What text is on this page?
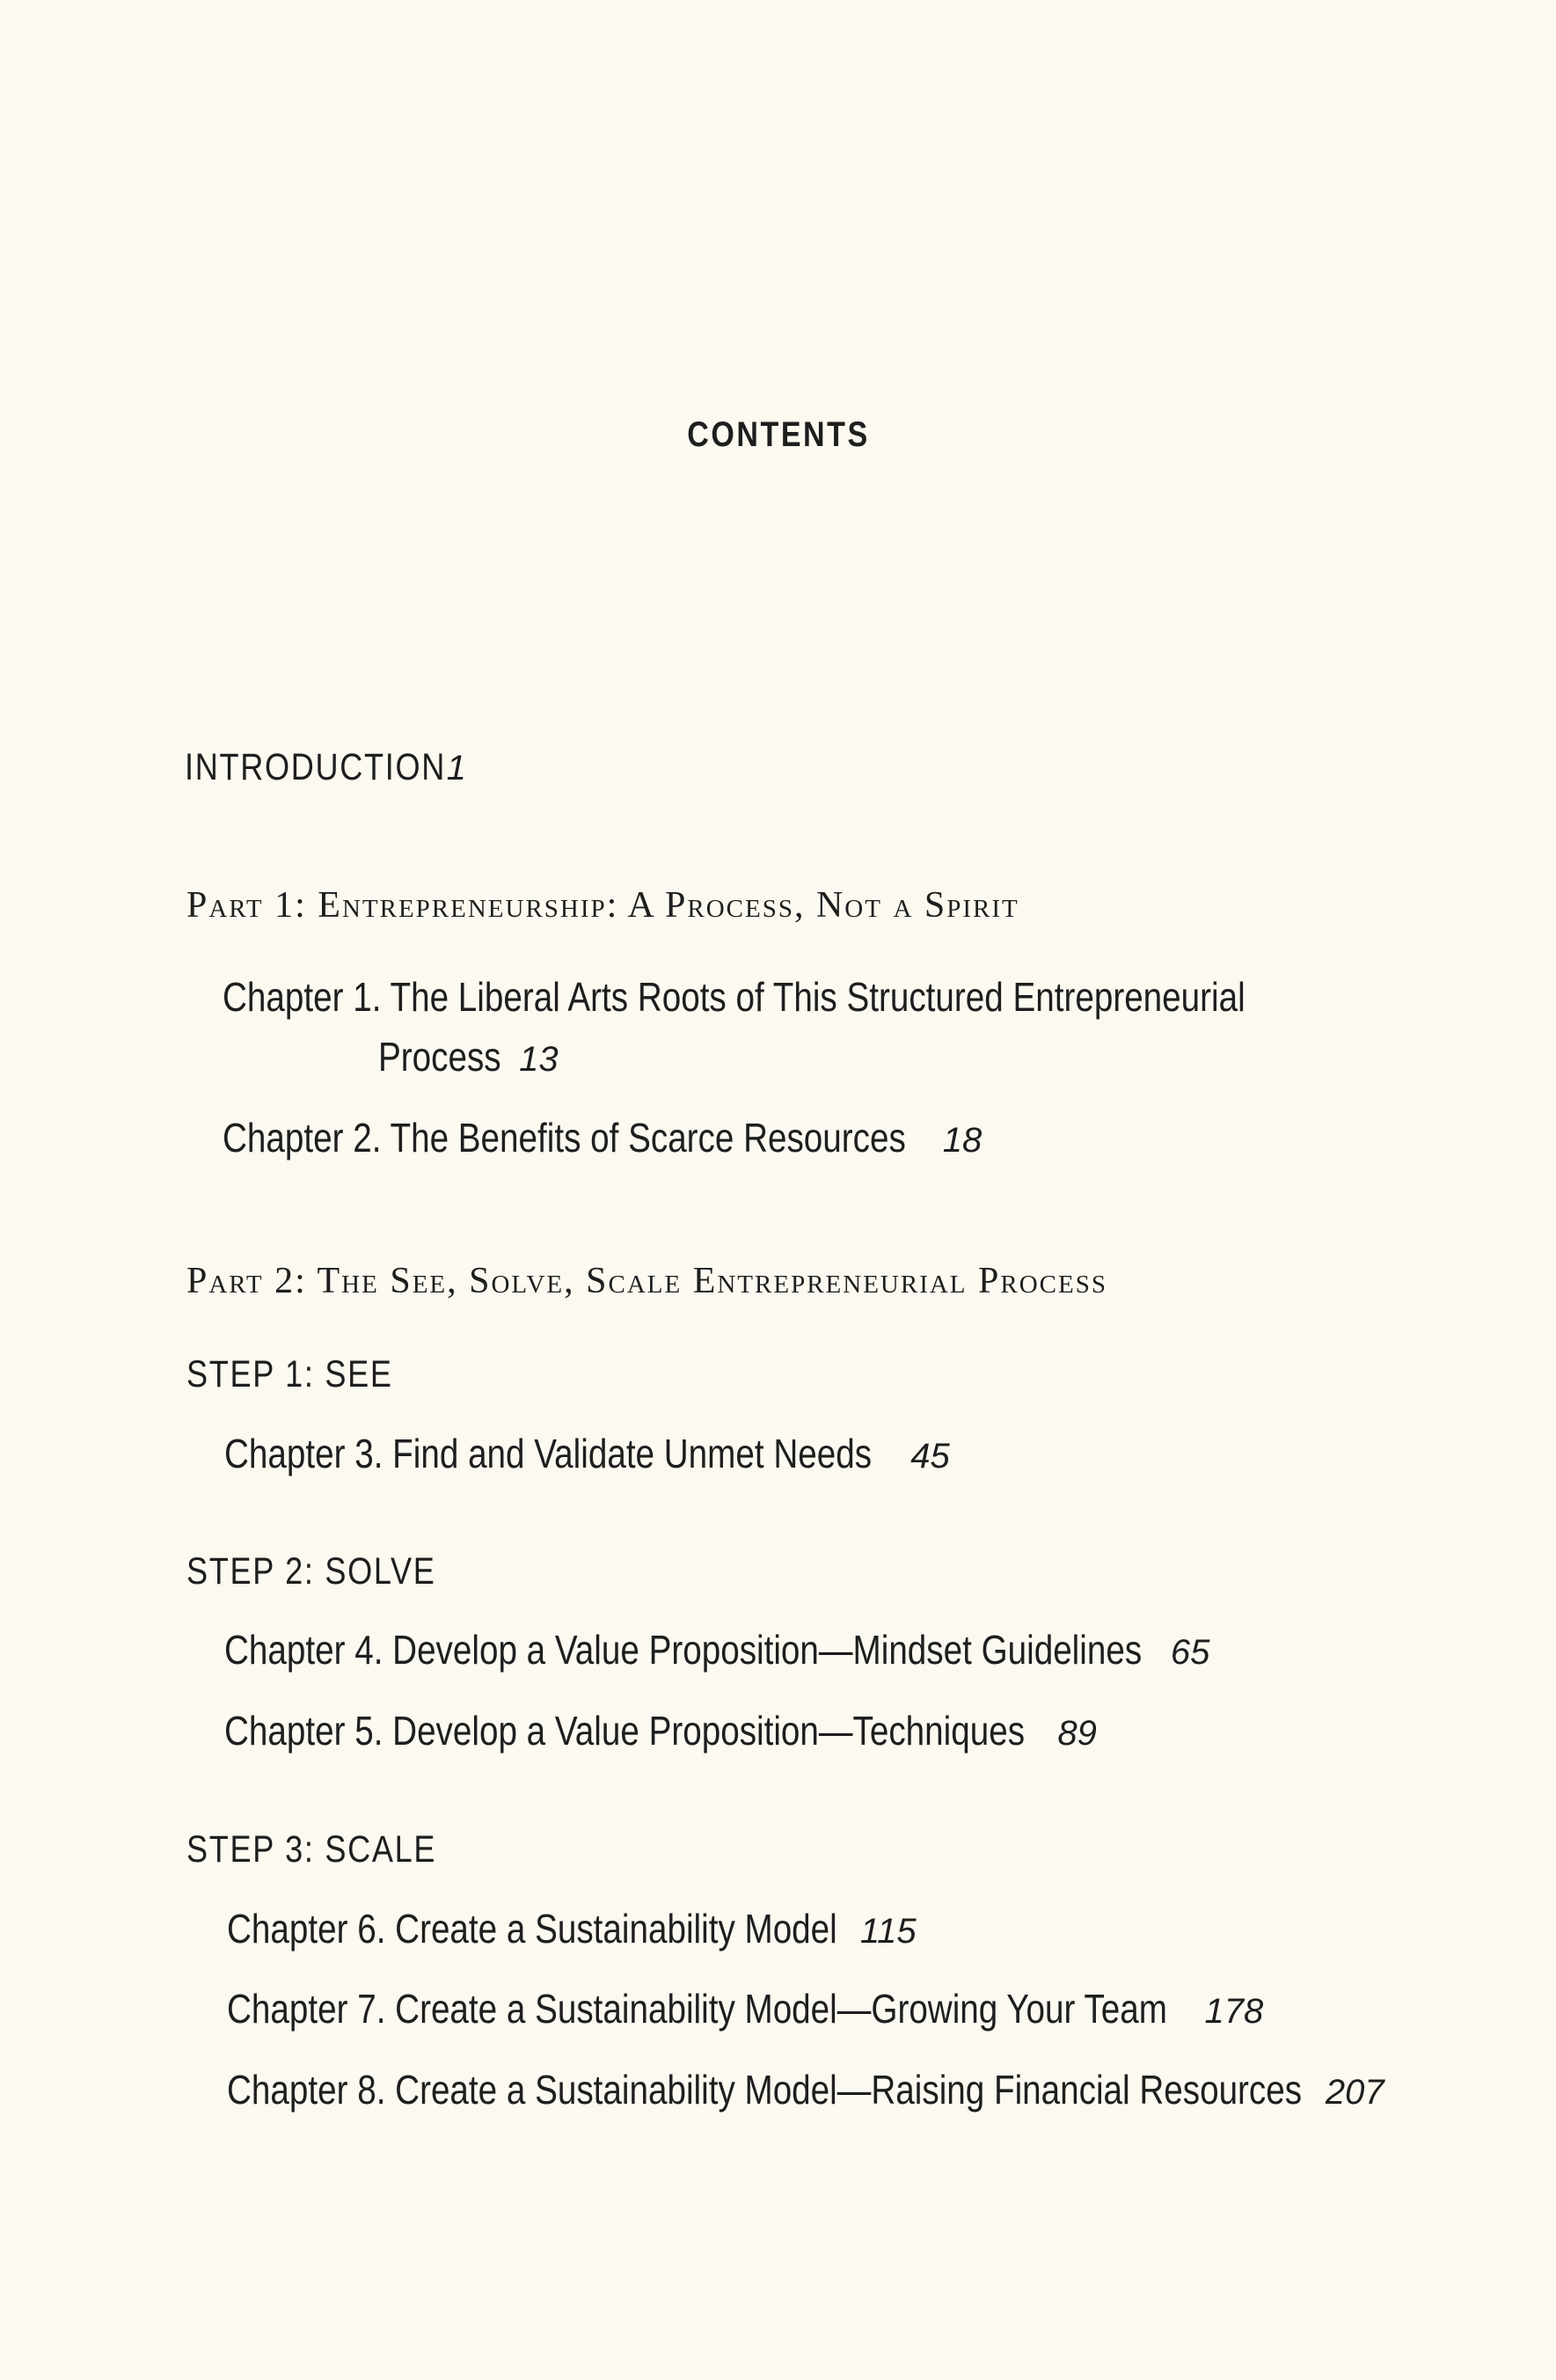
CONTENTS
INTRODUCTION 1
Part 1: Entrepreneurship: A Process, Not a Spirit
Chapter 1. The Liberal Arts Roots of This Structured Entrepreneurial
Process 13
Chapter 2. The Benefits of Scarce Resources 18
Part 2: The See, Solve, Scale Entrepreneurial Process
STEP 1: SEE
Chapter 3. Find and Validate Unmet Needs 45
STEP 2: SOLVE
Chapter 4. Develop a Value Proposition—Mindset Guidelines 65
Chapter 5. Develop a Value Proposition—Techniques 89
STEP 3: SCALE
Chapter 6. Create a Sustainability Model 115
Chapter 7. Create a Sustainability Model—Growing Your Team 178
Chapter 8. Create a Sustainability Model—Raising Financial Resources 207
